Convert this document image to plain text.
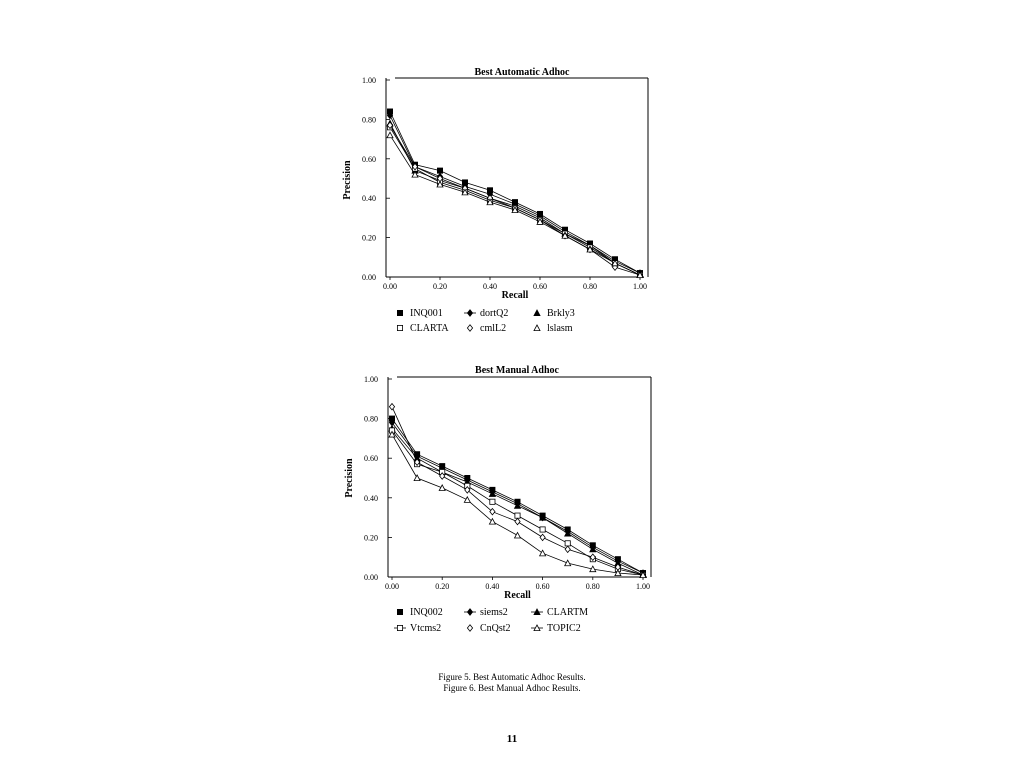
Best Automatic Adhoc
0.00
0.20
0.40
0.60
0.80
1.00
0.00	0.20	0.40	0.60	0.80	1.00
Recall
Precision
INQ001	dortQ2	Brkly3
CLARTA	cmlL2	lslasm
Best Manual Adhoc
0.00
0.20
0.40
0.60
0.80
1.00
0.00	0.20	0.40	0.60	0.80	1.00
Recall
Precision
INQ002	siems2	CLARTM
Vtcms2	CnQst2	TOPIC2
Figure 5. Best Automatic Adhoc Results.
Figure 6. Best Manual Adhoc Results.
11
